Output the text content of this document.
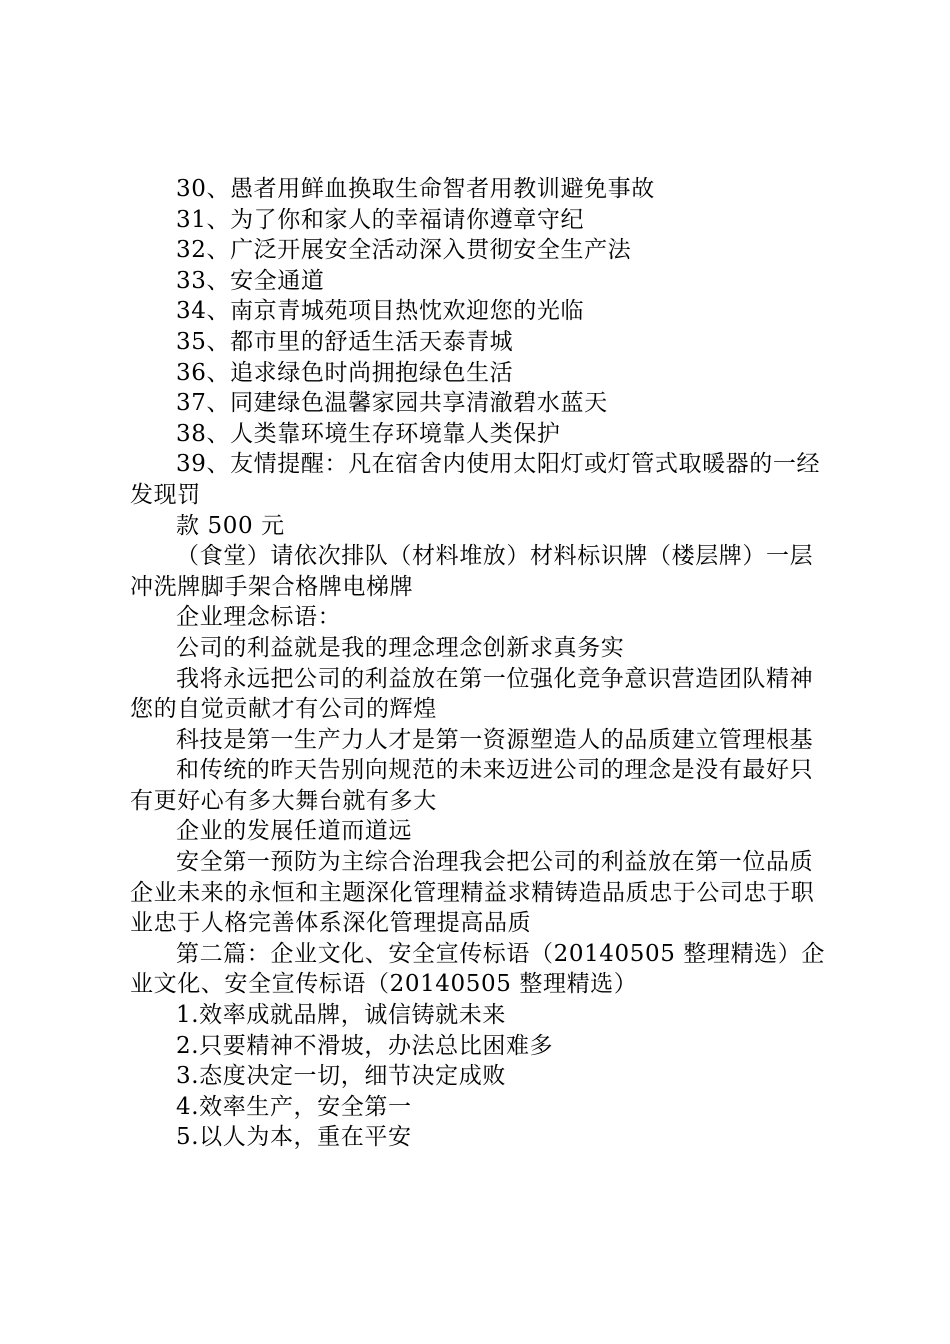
30、愚者用鲜血换取生命智者用教训避免事故

31、为了你和家人的幸福请你遵章守纪

32、广泛开展安全活动深入贯彻安全生产法

33、安全通道

34、南京青城苑项目热忱欢迎您的光临

35、都市里的舒适生活天泰青城

36、追求绿色时尚拥抱绿色生活

37、同建绿色温馨家园共享清澈碧水蓝天

38、人类靠环境生存环境靠人类保护

39、友情提醒：凡在宿舍内使用太阳灯或灯管式取暖器的一经发现罚

款 500 元

（食堂）请依次排队（材料堆放）材料标识牌（楼层牌）一层冲洗牌脚手架合格牌电梯牌

企业理念标语：

公司的利益就是我的理念理念创新求真务实

我将永远把公司的利益放在第一位强化竞争意识营造团队精神您的自觉贡献才有公司的辉煌

科技是第一生产力人才是第一资源塑造人的品质建立管理根基

和传统的昨天告别向规范的未来迈进公司的理念是没有最好只有更好心有多大舞台就有多大

企业的发展任道而道远

安全第一预防为主综合治理我会把公司的利益放在第一位品质企业未来的永恒和主题深化管理精益求精铸造品质忠于公司忠于职业忠于人格完善体系深化管理提高品质

第二篇：企业文化、安全宣传标语（20140505 整理精选）企业文化、安全宣传标语（20140505 整理精选）

1.效率成就品牌，诚信铸就未来

2.只要精神不滑坡，办法总比困难多

3.态度决定一切，细节决定成败

4.效率生产，安全第一

5.以人为本，重在平安
